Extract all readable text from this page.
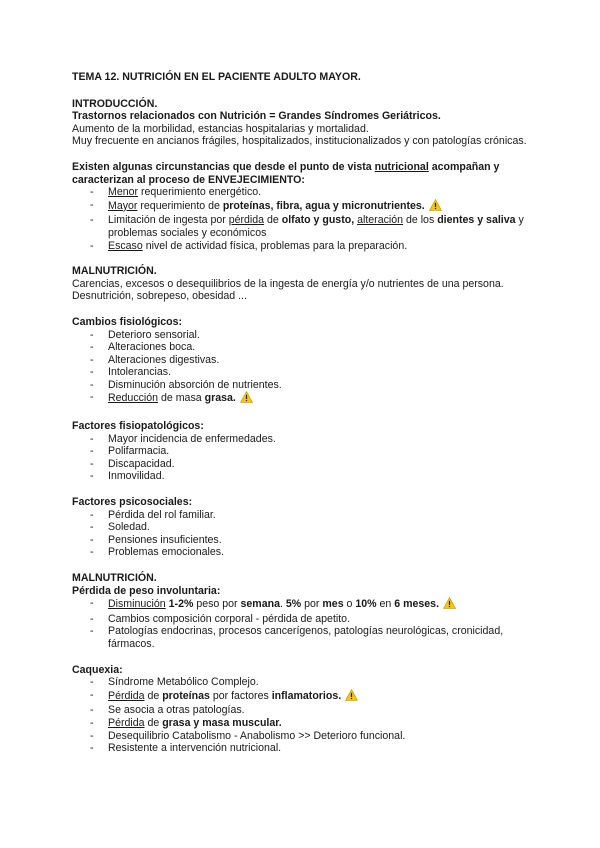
TEMA 12. NUTRICIÓN EN EL PACIENTE ADULTO MAYOR.

INTRODUCCIÓN.

Trastornos relacionados con Nutrición = Grandes Síndromes Geriátricos.

Aumento de la morbilidad, estancias hospitalarias y mortalidad.

Muy frecuente en ancianos frágiles, hospitalizados, institucionalizados y con patologías crónicas.

Existen algunas circunstancias que desde el punto de vista nutricional acompañan y caracterizan al proceso de ENVEJECIMIENTO:

- Menor requerimiento energético.
- Mayor requerimiento de proteínas, fibra, agua y micronutrientes.
- Limitación de ingesta por pérdida de olfato y gusto, alteración de los dientes y saliva y problemas sociales y económicos
- Escaso nivel de actividad física, problemas para la preparación.

MALNUTRICIÓN.

Carencias, excesos o desequilibrios de la ingesta de energía y/o nutrientes de una persona.

Desnutrición, sobrepeso, obesidad ...

Cambios fisiológicos:

- Deterioro sensorial.
- Alteraciones boca.
- Alteraciones digestivas.
- Intolerancias.
- Disminución absorción de nutrientes.
- Reducción de masa grasa.

Factores fisiopatológicos:

- Mayor incidencia de enfermedades.
- Polifarmacia.
- Discapacidad.
- Inmovilidad.

Factores psicosociales:

- Pérdida del rol familiar.
- Soledad.
- Pensiones insuficientes.
- Problemas emocionales.

MALNUTRICIÓN.

Pérdida de peso involuntaria:

- Disminución 1-2% peso por semana. 5% por mes o 10% en 6 meses.
- Cambios composición corporal - pérdida de apetito.
- Patologías endocrinas, procesos cancerígenos, patologías neurológicas, cronicidad, fármacos.

Caquexia:

- Síndrome Metabólico Complejo.
- Pérdida de proteínas por factores inflamatorios.
- Se asocia a otras patologías.
- Pérdida de grasa y masa muscular.
- Desequilibrio Catabolismo - Anabolismo >> Deterioro funcional.
- Resistente a intervención nutricional.
